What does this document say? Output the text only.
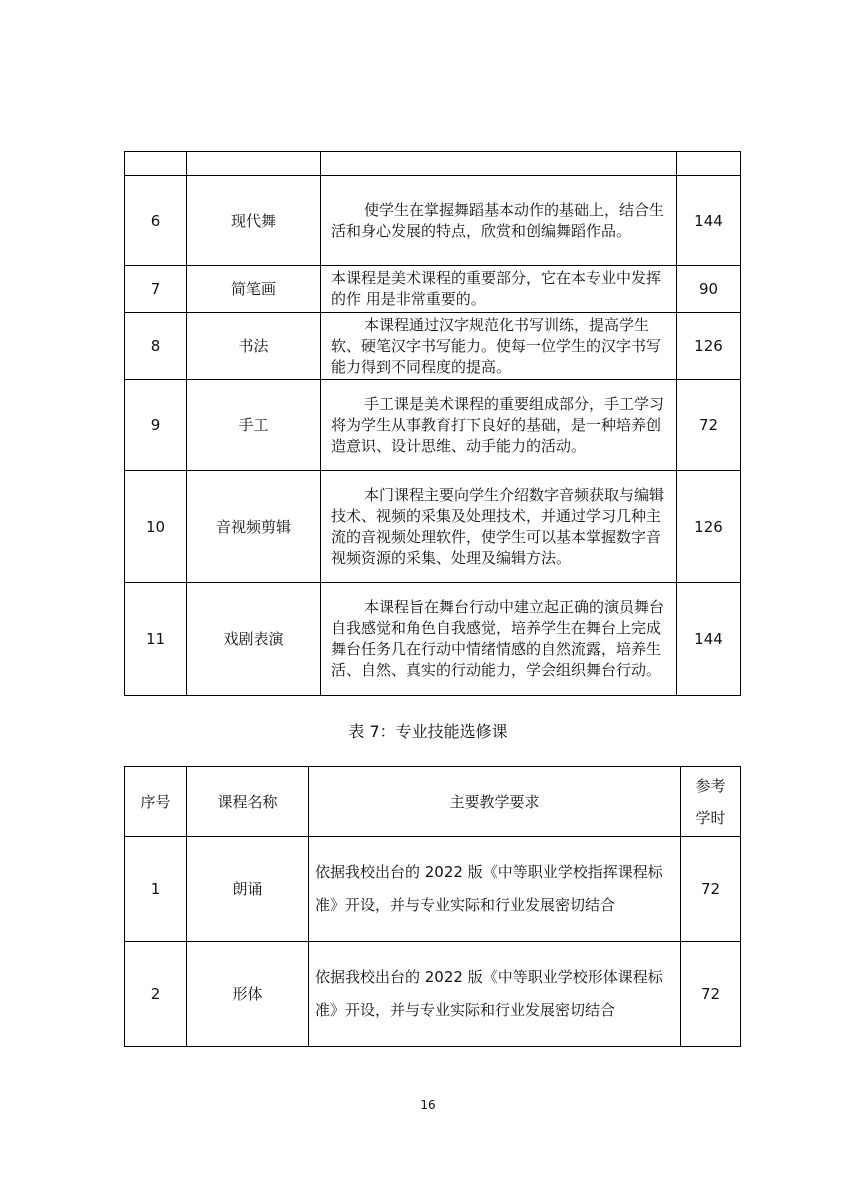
6	现代舞	使学生在掌握舞蹈基本动作的基础上，结合生活和身心发展的特点，欣赏和创编舞蹈作品。	144
7	简笔画	本课程是美术课程的重要部分，它在本专业中发挥的作 用是非常重要的。	90
8	书法	本课程通过汉字规范化书写训练，提高学生软、硬笔汉字书写能力。使每一位学生的汉字书写能力得到不同程度的提高。	126
9	手工	手工课是美术课程的重要组成部分，手工学习将为学生从事教育打下良好的基础，是一种培养创造意识、设计思维、动手能力的活动。	72
10	音视频剪辑	本门课程主要向学生介绍数字音频获取与编辑技术、视频的采集及处理技术，并通过学习几种主流的音视频处理软件，使学生可以基本掌握数字音视频资源的采集、处理及编辑方法。	126
11	戏剧表演	本课程旨在舞台行动中建立起正确的演员舞台自我感觉和角色自我感觉，培养学生在舞台上完成舞台任务几在行动中情绪情感的自然流露，培养生活、自然、真实的行动能力，学会组织舞台行动。	144
表 7：专业技能选修课
序号	课程名称	主要教学要求	参考
学时

1	朗诵	依据我校出台的 2022 版《中等职业学校指挥课程标准》开设，并与专业实际和行业发展密切结合	72
2	形体	依据我校出台的 2022 版《中等职业学校形体课程标准》开设，并与专业实际和行业发展密切结合	72
16
